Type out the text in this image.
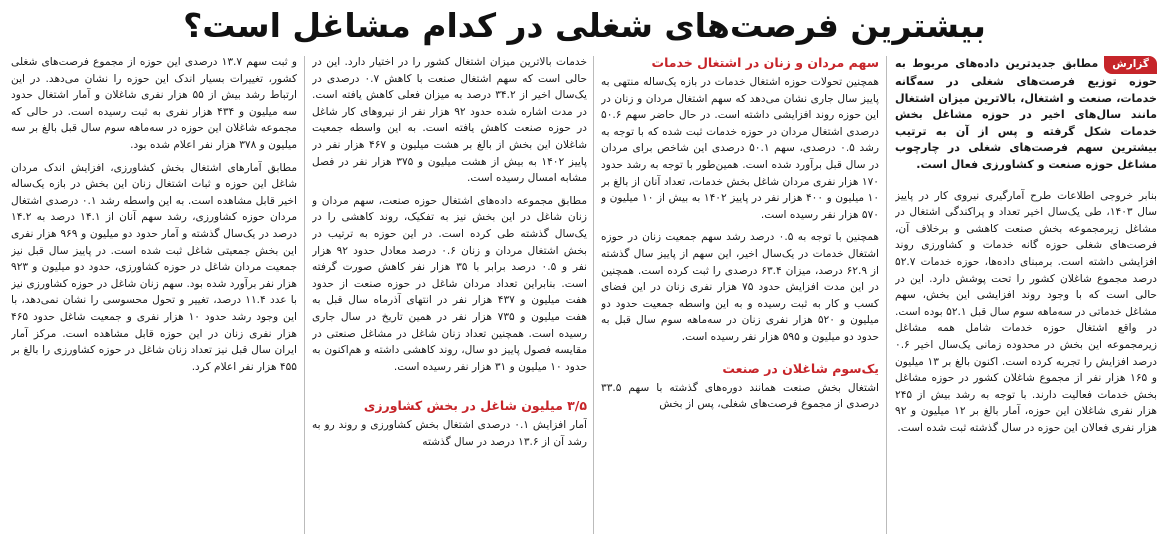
بیشترین فرصت‌های شغلی در کدام مشاغل است؟
گزارشمطابق جدیدترین داده‌های مربوط به حوزه توزیع فرصت‌های شغلی در سه‌گانه خدمات، صنعت و اشتغال، بالاترین میزان اشتغال مانند سال‌های اخیر در حوزه مشاغل بخش خدمات شکل گرفته و پس از آن به ترتیب بیشترین سهم فرصت‌های شغلی در چارچوب مشاغل حوزه صنعت و کشاورزی فعال است.

بنابر خروجی اطلاعات طرح آمارگیری نیروی کار در پاییز سال ۱۴۰۳، طی یک‌سال اخیر تعداد و پراکندگی اشتغال در مشاغل زیرمجموعه بخش صنعت کاهشی و برخلاف آن، فرصت‌های شغلی حوزه گانه خدمات و کشاورزی روند افزایشی داشته است. برمبنای داده‌ها، حوزه خدمات ۵۲.۷ درصد مجموع شاغلان کشور را تحت پوشش دارد. این در حالی است که با وجود روند افزایشی این بخش، سهم مشاغل خدماتی در سه‌ماهه سوم سال قبل ۵۲.۱ بوده است. در واقع اشتغال حوزه خدمات شامل همه مشاغل زیرمجموعه این بخش در محدوده زمانی یک‌سال اخیر ۰.۶ درصد افزایش را تجربه کرده است. اکنون بالغ بر ۱۳ میلیون و ۱۶۵ هزار نفر از مجموع شاغلان کشور در حوزه مشاغل بخش خدمات فعالیت دارند. با توجه به رشد بیش از ۲۴۵ هزار نفری شاغلان این حوزه، آمار بالغ بر ۱۲ میلیون و ۹۲ هزار نفری فعالان این حوزه در سال گذشته ثبت شده است.

سهم مردان و زنان در اشتغال خدمات

همچنین تحولات حوزه اشتغال خدمات در بازه یک‌ساله منتهی به پاییز سال جاری نشان می‌دهد که سهم اشتغال مردان و زنان در این حوزه روند افزایشی داشته است. در حال حاضر سهم ۵۰.۶ درصدی اشتغال مردان در حوزه خدمات ثبت شده که با توجه به رشد ۰.۵ درصدی، سهم ۵۰.۱ درصدی این شاخص برای مردان در سال قبل برآورد شده است. همین‌طور با توجه به رشد حدود ۱۷۰ هزار نفری مردان شاغل بخش خدمات، تعداد آنان از بالغ بر ۱۰ میلیون و ۴۰۰ هزار نفر در پاییز ۱۴۰۲ به بیش از ۱۰ میلیون و ۵۷۰ هزار نفر رسیده است.

همچنین با توجه به ۰.۵ درصد رشد سهم جمعیت زنان در حوزه اشتغال خدمات در یک‌سال اخیر، این سهم از پاییز سال گذشته از ۶۲.۹ درصد، میزان ۶۳.۴ درصدی را ثبت کرده است. همچنین در این مدت افزایش حدود ۷۵ هزار نفری زنان در این فضای کسب و کار به ثبت رسیده و به این واسطه جمعیت حدود دو میلیون و ۵۲۰ هزار نفری زنان در سه‌ماهه سوم سال قبل به حدود دو میلیون و ۵۹۵ هزار نفر رسیده است.

یک‌سوم شاغلان در صنعت

اشتغال بخش صنعت همانند دوره‌های گذشته با سهم ۳۳.۵ درصدی از مجموع فرصت‌های شغلی، پس از بخش

خدمات بالاترین میزان اشتغال کشور را در اختیار دارد. این در حالی است که سهم اشتغال صنعت با کاهش ۰.۷ درصدی در یک‌سال اخیر از ۳۴.۲ درصد به میزان فعلی کاهش یافته است. در مدت اشاره شده حدود ۹۲ هزار نفر از نیروهای کار شاغل در حوزه صنعت کاهش یافته است. به این واسطه جمعیت شاغلان این بخش از بالغ بر هشت میلیون و ۴۶۷ هزار نفر در پاییز ۱۴۰۲ به بیش از هشت میلیون و ۳۷۵ هزار نفر در فصل مشابه امسال رسیده است.

مطابق مجموعه داده‌های اشتغال حوزه صنعت، سهم مردان و زنان شاغل در این بخش نیز به تفکیک، روند کاهشی را در یک‌سال گذشته طی کرده است. در این حوزه به ترتیب در بخش اشتغال مردان و زنان ۰.۶ درصد معادل حدود ۹۲ هزار نفر و ۰.۵ درصد برابر با ۳۵ هزار نفر کاهش صورت گرفته است. بنابراین تعداد مردان شاغل در حوزه صنعت از حدود هفت میلیون و ۴۳۷ هزار نفر در انتهای آذرماه سال قبل به هفت میلیون و ۷۳۵ هزار نفر در همین تاریخ در سال جاری رسیده است. همچنین تعداد زنان شاغل در مشاغل صنعتی در مقایسه فصول پاییز دو سال، روند کاهشی داشته و هم‌اکنون به حدود ۱۰ میلیون و ۳۱ هزار نفر رسیده است.

۳/۵ میلیون شاغل در بخش کشاورزی

آمار افزایش ۰.۱ درصدی اشتغال بخش کشاورزی و روند رو به رشد آن از ۱۳.۶ درصد در سال گذشته

و ثبت سهم ۱۳.۷ درصدی این حوزه از مجموع فرصت‌های شغلی کشور، تغییرات بسیار اندک این حوزه را نشان می‌دهد. در این ارتباط رشد بیش از ۵۵ هزار نفری شاغلان و آمار اشتغال حدود سه میلیون و ۴۳۴ هزار نفری به ثبت رسیده است. در حالی که مجموعه شاغلان این حوزه در سه‌ماهه سوم سال قبل بالغ بر سه میلیون و ۳۷۸ هزار نفر اعلام شده بود.

مطابق آمارهای اشتغال بخش کشاورزی، افزایش اندک مردان شاغل این حوزه و ثبات اشتغال زنان این بخش در بازه یک‌ساله اخیر قابل مشاهده است. به این واسطه رشد ۰.۱ درصدی اشتغال مردان حوزه کشاورزی، رشد سهم آنان از ۱۴.۱ درصد به ۱۴.۲ درصد در یک‌سال گذشته و آمار حدود دو میلیون و ۹۶۹ هزار نفری این بخش جمعیتی شاغل ثبت شده است. در پاییز سال قبل نیز جمعیت مردان شاغل در حوزه کشاورزی، حدود دو میلیون و ۹۲۳ هزار نفر برآورد شده بود. سهم زنان شاغل در حوزه کشاورزی نیز با عدد ۱۱.۴ درصد، تغییر و تحول محسوسی را نشان نمی‌دهد، با این وجود رشد حدود ۱۰ هزار نفری و جمعیت شاغل حدود ۴۶۵ هزار نفری زنان در این حوزه قابل مشاهده است. مرکز آمار ایران سال قبل نیز تعداد زنان شاغل در حوزه کشاورزی را بالغ بر ۴۵۵ هزار نفر اعلام کرد.
